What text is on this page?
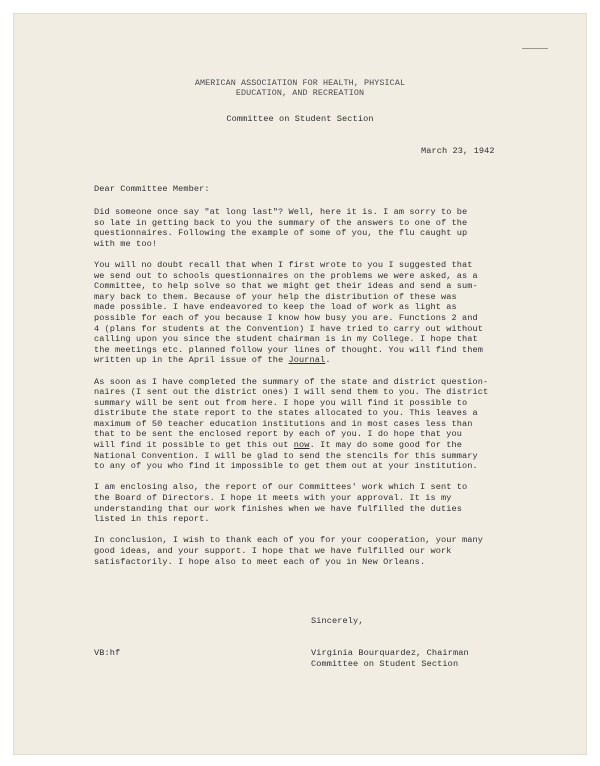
AMERICAN ASSOCIATION FOR HEALTH, PHYSICAL
EDUCATION, AND RECREATION
Committee on Student Section
March 23, 1942
Dear Committee Member:
Did someone once say "at long last"? Well, here it is. I am sorry to be
so late in getting back to you the summary of the answers to one of the
questionnaires. Following the example of some of you, the flu caught up
with me too!
You will no doubt recall that when I first wrote to you I suggested that
we send out to schools questionnaires on the problems we were asked, as a
Committee, to help solve so that we might get their ideas and send a sum-
mary back to them. Because of your help the distribution of these was
made possible. I have endeavored to keep the load of work as light as
possible for each of you because I know how busy you are. Functions 2 and
4 (plans for students at the Convention) I have tried to carry out without
calling upon you since the student chairman is in my College. I hope that
the meetings etc. planned follow your lines of thought. You will find them
written up in the April issue of the Journal.
As soon as I have completed the summary of the state and district question-
naires (I sent out the district ones) I will send them to you. The district
summary will be sent out from here. I hope you will find it possible to
distribute the state report to the states allocated to you. This leaves a
maximum of 50 teacher education institutions and in most cases less than
that to be sent the enclosed report by each of you. I do hope that you
will find it possible to get this out now. It may do some good for the
National Convention. I will be glad to send the stencils for this summary
to any of you who find it impossible to get them out at your institution.
I am enclosing also, the report of our Committees' work which I sent to
the Board of Directors. I hope it meets with your approval. It is my
understanding that our work finishes when we have fulfilled the duties
listed in this report.
In conclusion, I wish to thank each of you for your cooperation, your many
good ideas, and your support. I hope that we have fulfilled our work
satisfactorily. I hope also to meet each of you in New Orleans.
Sincerely,
VB:hf	Virginia Bourquardez, Chairman
Committee on Student Section
